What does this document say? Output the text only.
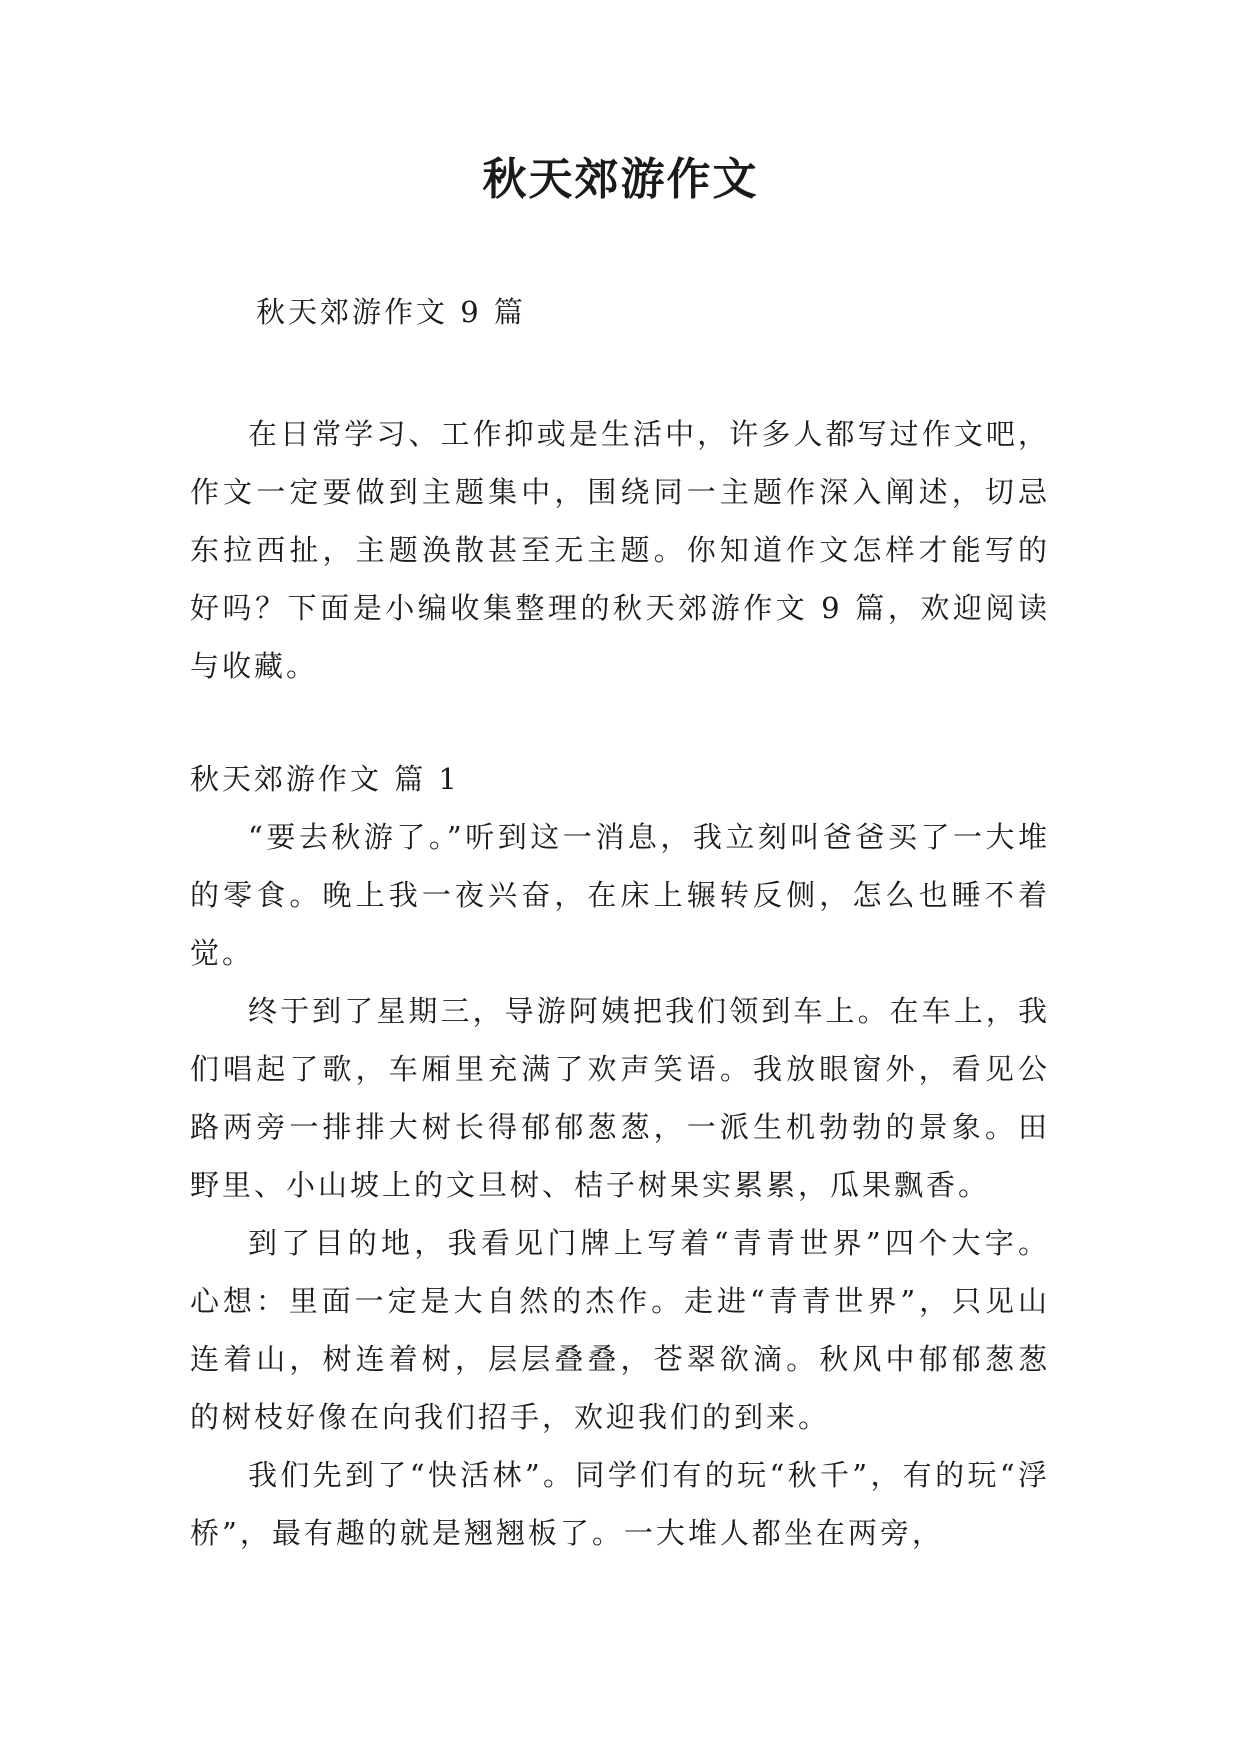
秋天郊游作文
秋天郊游作文 9 篇

在日常学习、工作抑或是生活中，许多人都写过作文吧，作文一定要做到主题集中，围绕同一主题作深入阐述，切忌东拉西扯，主题涣散甚至无主题。你知道作文怎样才能写的好吗？下面是小编收集整理的秋天郊游作文 9 篇，欢迎阅读与收藏。

秋天郊游作文 篇 1

“要去秋游了。”听到这一消息，我立刻叫爸爸买了一大堆的零食。晚上我一夜兴奋，在床上辗转反侧，怎么也睡不着觉。

终于到了星期三，导游阿姨把我们领到车上。在车上，我们唱起了歌，车厢里充满了欢声笑语。我放眼窗外，看见公路两旁一排排大树长得郁郁葱葱，一派生机勃勃的景象。田野里、小山坡上的文旦树、桔子树果实累累，瓜果飘香。

到了目的地，我看见门牌上写着“青青世界”四个大字。心想：里面一定是大自然的杰作。走进“青青世界”，只见山连着山，树连着树，层层叠叠，苍翠欲滴。秋风中郁郁葱葱的树枝好像在向我们招手，欢迎我们的到来。

我们先到了“快活林”。同学们有的玩“秋千”，有的玩“浮桥”，最有趣的就是翘翘板了。一大堆人都坐在两旁，
